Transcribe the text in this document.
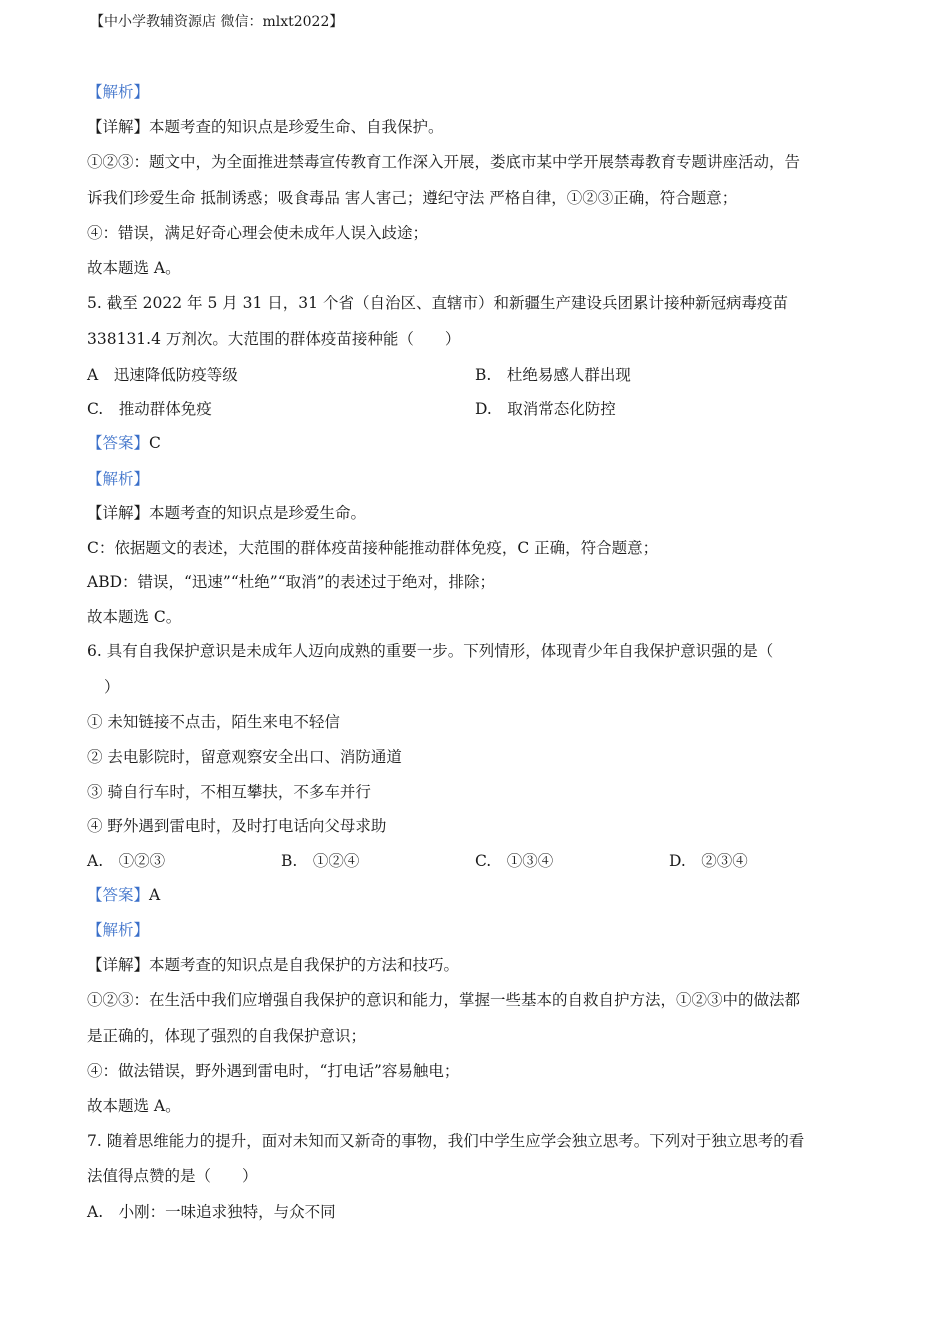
【中小学教辅资源店 微信：mlxt2022】
【解析】
【详解】本题考查的知识点是珍爱生命、自我保护。
①②③：题文中，为全面推进禁毒宣传教育工作深入开展，娄底市某中学开展禁毒教育专题讲座活动，告
诉我们珍爱生命 抵制诱惑；吸食毒品 害人害己；遵纪守法 严格自律，①②③正确，符合题意；
④：错误，满足好奇心理会使未成年人误入歧途；
故本题选 A。
5. 截至 2022 年 5 月 31 日，31 个省（自治区、直辖市）和新疆生产建设兵团累计接种新冠病毒疫苗
338131.4 万剂次。大范围的群体疫苗接种能（　　）
A　迅速降低防疫等级	B.　杜绝易感人群出现
C.　推动群体免疫	D.　取消常态化防控
【答案】C
【解析】
【详解】本题考查的知识点是珍爱生命。
C：依据题文的表述，大范围的群体疫苗接种能推动群体免疫，C 正确，符合题意；
ABD：错误，“迅速”“杜绝”“取消”的表述过于绝对，排除；
故本题选 C。
6. 具有自我保护意识是未成年人迈向成熟的重要一步。下列情形，体现青少年自我保护意识强的是（
）
① 未知链接不点击，陌生来电不轻信
② 去电影院时，留意观察安全出口、消防通道
③ 骑自行车时，不相互攀扶，不多车并行
④ 野外遇到雷电时，及时打电话向父母求助
A.　①②③	B.　①②④	C.　①③④	D.　②③④
【答案】A
【解析】
【详解】本题考查的知识点是自我保护的方法和技巧。
①②③：在生活中我们应增强自我保护的意识和能力，掌握一些基本的自救自护方法，①②③中的做法都
是正确的，体现了强烈的自我保护意识；
④：做法错误，野外遇到雷电时，“打电话”容易触电；
故本题选 A。
7. 随着思维能力的提升，面对未知而又新奇的事物，我们中学生应学会独立思考。下列对于独立思考的看
法值得点赞的是（　　）
A.　小刚：一味追求独特，与众不同
